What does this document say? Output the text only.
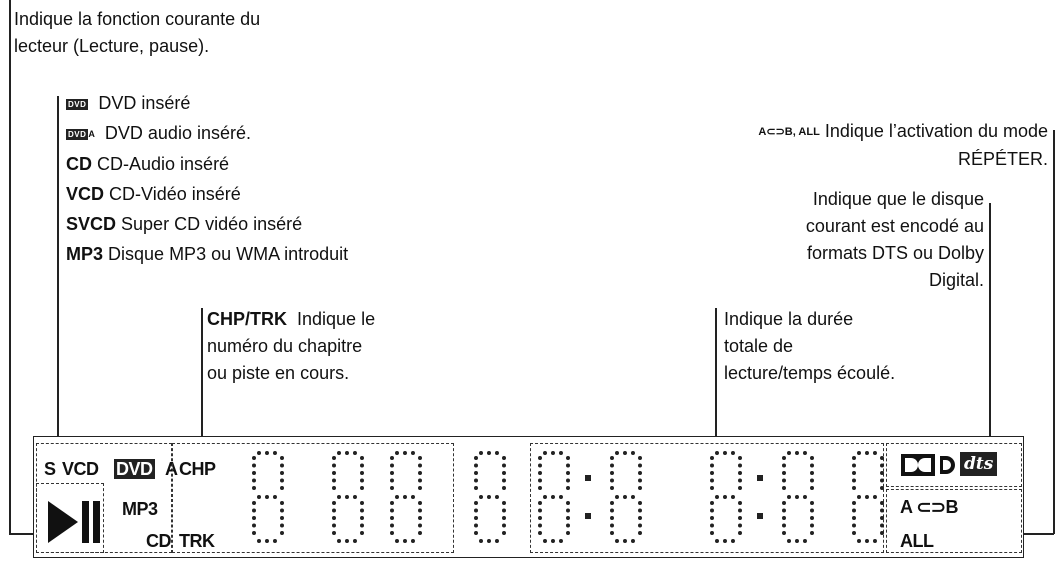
Indique la fonction courante du
lecteur (Lecture, pause).
DVD DVD inséré
DVD A DVD audio inséré.
CD CD-Audio inséré
VCD CD-Vidéo inséré
SVCD Super CD vidéo inséré
MP3 Disque MP3 ou WMA introduit
CHP/TRK Indique le
numéro du chapitre
ou piste en cours.
Indique la durée
totale de
lecture/temps écoulé.
A⊂⊃B, ALL Indique l’activation du mode
RÉPÉTER.
Indique que le disque
courant est encodé au
formats DTS ou Dolby
Digital.
S VCD DVD A CHP
MP3
CD TRK
dts
A ⊂⊃B
ALL
